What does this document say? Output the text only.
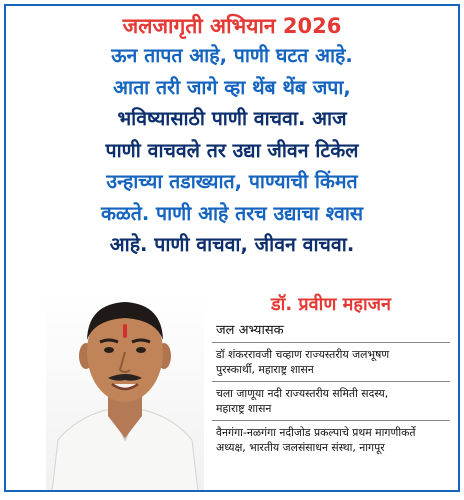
जलजागृती अभियान 2026
ऊन तापत आहे, पाणी घटत आहे.
आता तरी जागे व्हा थेंब थेंब जपा,
भविष्यासाठी पाणी वाचवा. आज
पाणी वाचवले तर उद्या जीवन टिकेल
उन्हाच्या तडाख्यात, पाण्याची किंमत
कळते. पाणी आहे तरच उद्याचा श्वास
आहे. पाणी वाचवा, जीवन वाचवा.
डॉ. प्रवीण महाजन
जल अभ्यासक
डॉ शंकररावजी चव्हाण राज्यस्तरीय जलभूषण
पुरस्कार्थी, महाराष्ट्र शासन
चला जाणूया नदी राज्यस्तरीय समिती सदस्य,
महाराष्ट्र शासन
वैनगंगा-नळगंगा नदीजोड प्रकल्पाचे प्रथम मागणीकर्ते
अध्यक्ष, भारतीय जलसंसाधन संस्था, नागपूर
